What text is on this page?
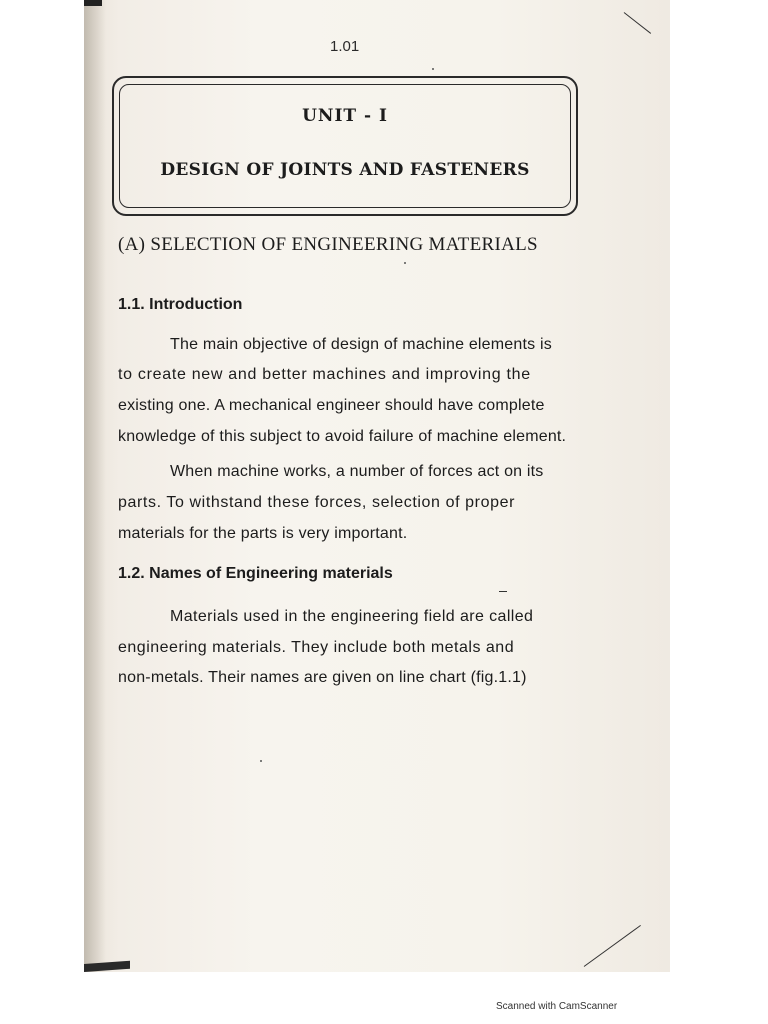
1.01
UNIT - I
DESIGN OF JOINTS AND FASTENERS
(A) SELECTION OF ENGINEERING MATERIALS
1.1. Introduction
The main objective of design of machine elements is
to create new and better machines and improving the
existing one. A mechanical engineer should have complete
knowledge of this subject to avoid failure of machine element.
When machine works, a number of forces act on its
parts. To withstand these forces, selection of proper
materials for the parts is very important.
1.2. Names of Engineering materials
Materials used in the engineering field are called
engineering materials. They include both metals and
non-metals. Their names are given on line chart (fig.1.1)
Scanned with CamScanner
